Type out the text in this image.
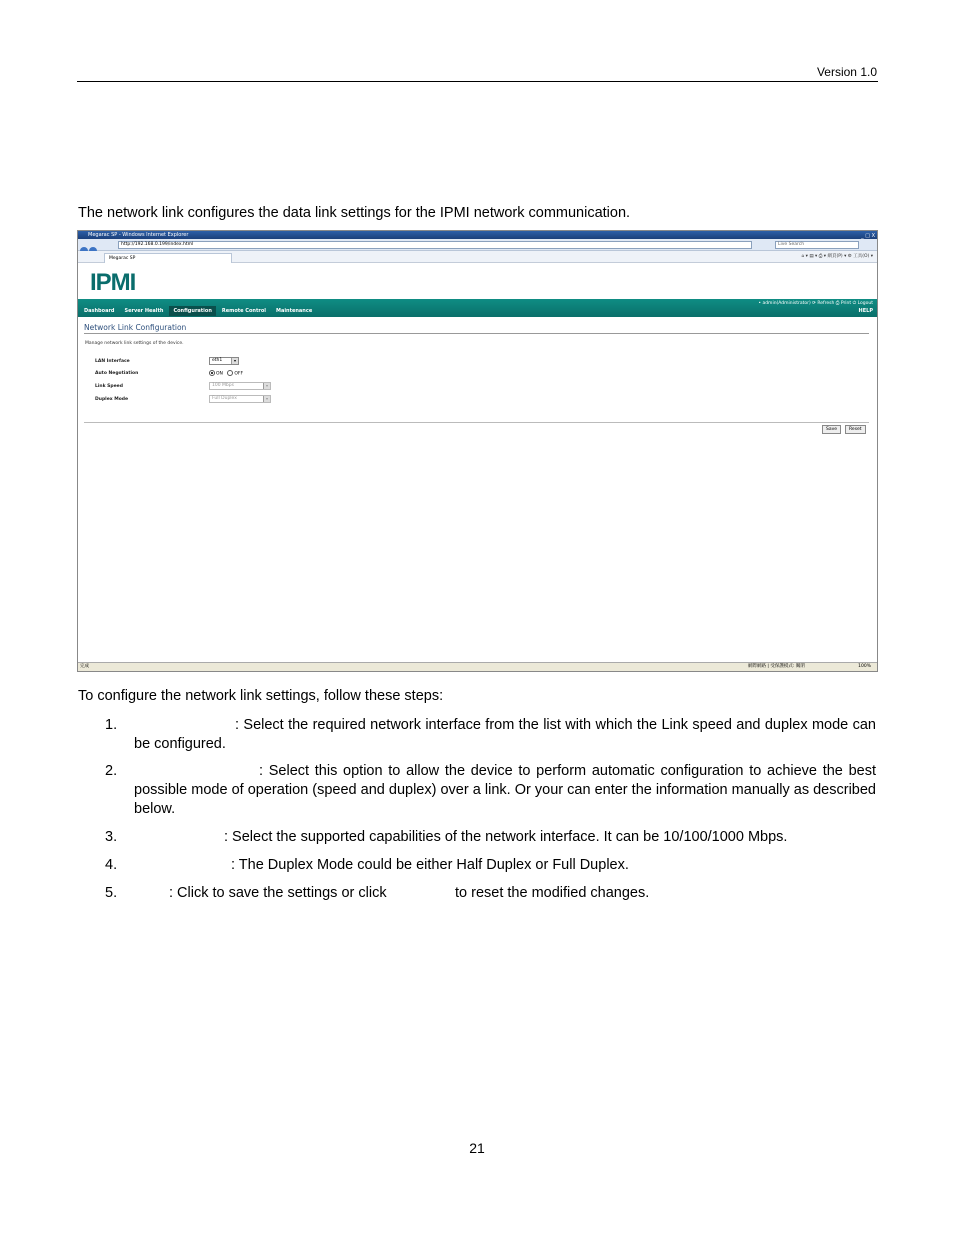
Version 1.0
The network link configures the data link settings for the IPMI network communication.
Megarac SP - Windows Internet Explorer	_ □ X
http://192.168.0.199/index.html	Live Search
Megarac SP	⌂ ▾ ▤ ▾ ⎙ ▾ 網頁(P) ▾ ⚙ 工具(O) ▾
IPMI
• admin(Administrator) ⟳ Refresh ⎙ Print ⏻ Logout
HELP
Dashboard	Server Health	Configuration	Remote Control	Maintenance
Network Link Configuration
Manage network link settings of the device.
LAN Interface	eth1	▾
Auto Negotiation	ON	OFF
Link Speed	100 Mbps	▾
Duplex Mode	Full Duplex	▾
Save	Reset
完成	網際網路 | 受保護模式: 關閉	100%
To configure the network link settings, follow these steps:
1.	: Select the required network interface from the list with which the Link speed and duplex mode can be configured.
2.	: Select this option to allow the device to perform automatic configuration to achieve the best possible mode of operation (speed and duplex) over a link. Or your can enter the information manually as described below.
3.	: Select the supported capabilities of the network interface. It can be 10/100/1000 Mbps.
4.	: The Duplex Mode could be either Half Duplex or Full Duplex.
5.	: Click to save the settings or click	to reset the modified changes.
21
